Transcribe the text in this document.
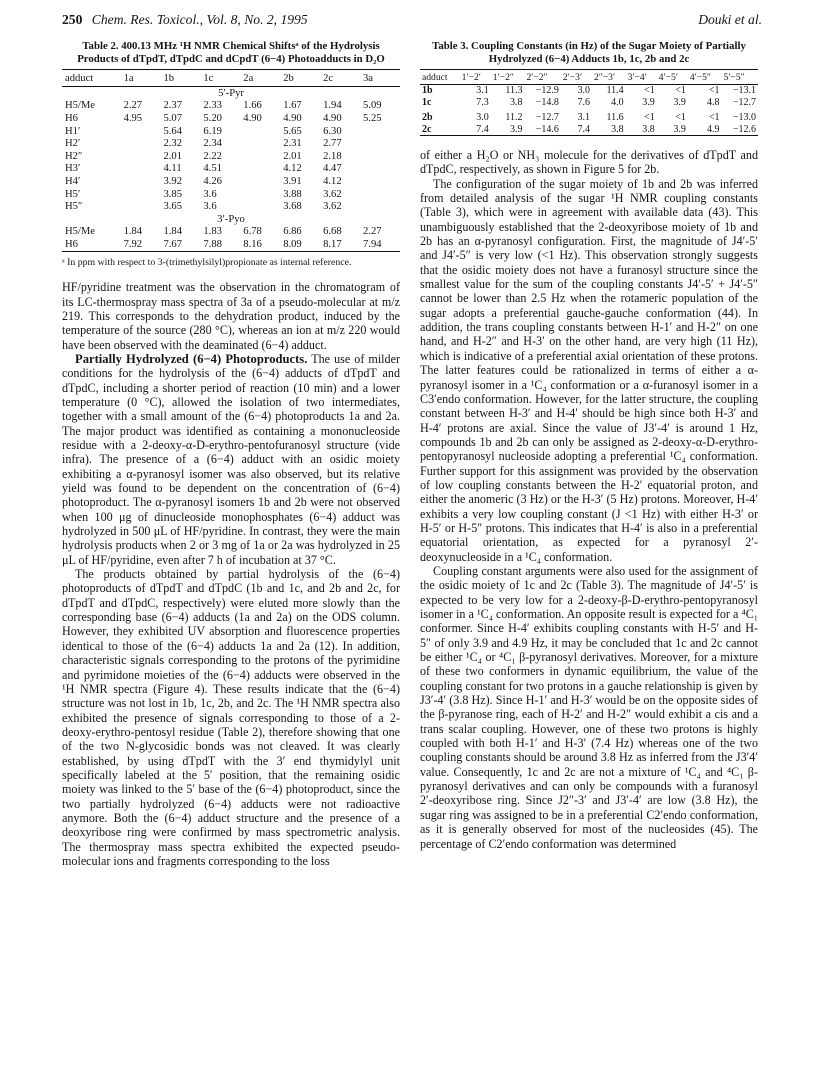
250 Chem. Res. Toxicol., Vol. 8, No. 2, 1995	Douki et al.
Table 2. 400.13 MHz ¹H NMR Chemical Shiftsᵃ of the Hydrolysis Products of dTpdT, dTpdC and dCpdT (6−4) Photoadducts in D₂O
adduct	1a	1b	1c	2a	2b	2c	3a
5′-Pyr							
H5/Me	2.27	2.37	2.33	1.66	1.67	1.94	5.09
H6	4.95	5.07	5.20	4.90	4.90	4.90	5.25
H1′		5.64	6.19		5.65	6.30	
H2′		2.32	2.34		2.31	2.77	
H2″		2.01	2.22		2.01	2.18	
H3′		4.11	4.51		4.12	4.47	
H4′		3.92	4.26		3.91	4.12	
H5′		3.85	3.6		3.88	3.62	
H5″		3.65	3.6		3.68	3.62	
3′-Pyo							
H5/Me	1.84	1.84	1.83	6.78	6.86	6.68	2.27
H6	7.92	7.67	7.88	8.16	8.09	8.17	7.94
ᵃ In ppm with respect to 3-(trimethylsilyl)propionate as internal reference.

HF/pyridine treatment was the observation in the chromatogram of its LC-thermospray mass spectra of 3a of a pseudo-molecular at m/z 219. This corresponds to the dehydration product, induced by the temperature of the source (280 °C), whereas an ion at m/z 220 would have been observed with the deaminated (6−4) adduct.

Partially Hydrolyzed (6−4) Photoproducts. The use of milder conditions for the hydrolysis of the (6−4) adducts of dTpdT and dTpdC, including a shorter period of reaction (10 min) and a lower temperature (0 °C), allowed the isolation of two intermediates, together with a small amount of the (6−4) photoproducts 1a and 2a. The major product was identified as containing a mononucleoside residue with a 2-deoxy-α-D-erythro-pentofuranosyl structure (vide infra). The presence of a (6−4) adduct with an osidic moiety exhibiting a α-pyranosyl isomer was also observed, but its relative yield was found to be dependent on the concentration of (6−4) photoproduct. The α-pyranosyl isomers 1b and 2b were not observed when 100 μg of dinucleoside monophosphates (6−4) adduct was hydrolyzed in 500 μL of HF/pyridine. In contrast, they were the main hydrolysis products when 2 or 3 mg of 1a or 2a was hydrolyzed in 25 μL of HF/pyridine, even after 7 h of incubation at 37 °C.

The products obtained by partial hydrolysis of the (6−4) photoproducts of dTpdT and dTpdC (1b and 1c, and 2b and 2c, for dTpdT and dTpdC, respectively) were eluted more slowly than the corresponding base (6−4) adducts (1a and 2a) on the ODS column. However, they exhibited UV absorption and fluorescence properties identical to those of the (6−4) adducts 1a and 2a (12). In addition, characteristic signals corresponding to the protons of the pyrimidine and pyrimidone moieties of the (6−4) adducts were observed in the ¹H NMR spectra (Figure 4). These results indicate that the (6−4) structure was not lost in 1b, 1c, 2b, and 2c. The ¹H NMR spectra also exhibited the presence of signals corresponding to those of a 2-deoxy-erythro-pentosyl residue (Table 2), therefore showing that one of the two N-glycosidic bonds was not cleaved. It was clearly established, by using dTpdT with the 3′ end thymidylyl unit specifically labeled at the 5′ position, that the remaining osidic moiety was linked to the 5′ base of the (6−4) photoproduct, since the two partially hydrolyzed (6−4) adducts were not radioactive anymore. Both the (6−4) adduct structure and the presence of a deoxyribose ring were confirmed by mass spectrometric analysis. The thermospray mass spectra exhibited the expected pseudo-molecular ions and fragments corresponding to the loss

Table 3. Coupling Constants (in Hz) of the Sugar Moiety of Partially Hydrolyzed (6−4) Adducts 1b, 1c, 2b and 2c
adduct	1′−2′	1′−2″	2′−2″	2′−3′	2″−3′	3′−4′	4′−5′	4′−5″	5′−5″
1b	3.1	11.3	−12.9	3.0	11.4	<1	<1	<1	−13.1
1c	7.3	3.8	−14.8	7.6	4.0	3.9	3.9	4.8	−12.7
2b	3.0	11.2	−12.7	3.1	11.6	<1	<1	<1	−13.0
2c	7.4	3.9	−14.6	7.4	3.8	3.8	3.9	4.9	−12.6

of either a H₂O or NH₃ molecule for the derivatives of dTpdT and dTpdC, respectively, as shown in Figure 5 for 2b.

The configuration of the sugar moiety of 1b and 2b was inferred from detailed analysis of the sugar ¹H NMR coupling constants (Table 3), which were in agreement with available data (43). This unambiguously established that the 2-deoxyribose moiety of 1b and 2b has an α-pyranosyl configuration. First, the magnitude of J4′-5′ and J4′-5″ is very low (<1 Hz). This observation strongly suggests that the osidic moiety does not have a furanosyl structure since the smallest value for the sum of the coupling constants J4′-5′ + J4′-5″ cannot be lower than 2.5 Hz when the rotameric population of the sugar adopts a preferential gauche-gauche conformation (44). In addition, the trans coupling constants between H-1′ and H-2″ on one hand, and H-2″ and H-3′ on the other hand, are very high (11 Hz), which is indicative of a preferential axial orientation of these protons. The latter features could be rationalized in terms of either a α-pyranosyl isomer in a ¹C₄ conformation or a α-furanosyl isomer in a C3′endo conformation. However, for the latter structure, the coupling constant between H-3′ and H-4′ should be high since both H-3′ and H-4′ protons are axial. Since the value of J3′-4′ is around 1 Hz, compounds 1b and 2b can only be assigned as 2-deoxy-α-D-erythro-pentopyranosyl nucleoside adopting a preferential ¹C₄ conformation. Further support for this assignment was provided by the observation of low coupling constants between the H-2′ equatorial proton, and either the anomeric (3 Hz) or the H-3′ (5 Hz) protons. Moreover, H-4′ exhibits a very low coupling constant (J <1 Hz) with either H-3′ or H-5′ or H-5″ protons. This indicates that H-4′ is also in a preferential equatorial orientation, as expected for a pyranosyl 2′-deoxynucleoside in a ¹C₄ conformation.

Coupling constant arguments were also used for the assignment of the osidic moiety of 1c and 2c (Table 3). The magnitude of J4′-5′ is expected to be very low for a 2-deoxy-β-D-erythro-pentopyranosyl isomer in a ¹C₄ conformation. An opposite result is expected for a ⁴C₁ conformer. Since H-4′ exhibits coupling constants with H-5′ and H-5″ of only 3.9 and 4.9 Hz, it may be concluded that 1c and 2c cannot be either ¹C₄ or ⁴C₁ β-pyranosyl derivatives. Moreover, for a mixture of these two conformers in dynamic equilibrium, the value of the coupling constant for two protons in a gauche relationship is given by J3′-4′ (3.8 Hz). Since H-1′ and H-3′ would be on the opposite sides of the β-pyranose ring, each of H-2′ and H-2″ would exhibit a cis and a trans scalar coupling. However, one of these two protons is highly coupled with both H-1′ and H-3′ (7.4 Hz) whereas one of the two coupling constants should be around 3.8 Hz as inferred from the J3′4′ value. Consequently, 1c and 2c are not a mixture of ¹C₄ and ⁴C₁ β-pyranosyl derivatives and can only be compounds with a furanosyl 2′-deoxyribose ring. Since J2″-3′ and J3′-4′ are low (3.8 Hz), the sugar ring was assigned to be in a preferential C2′endo conformation, as it is generally observed for most of the nucleosides (45). The percentage of C2′endo conformation was determined
